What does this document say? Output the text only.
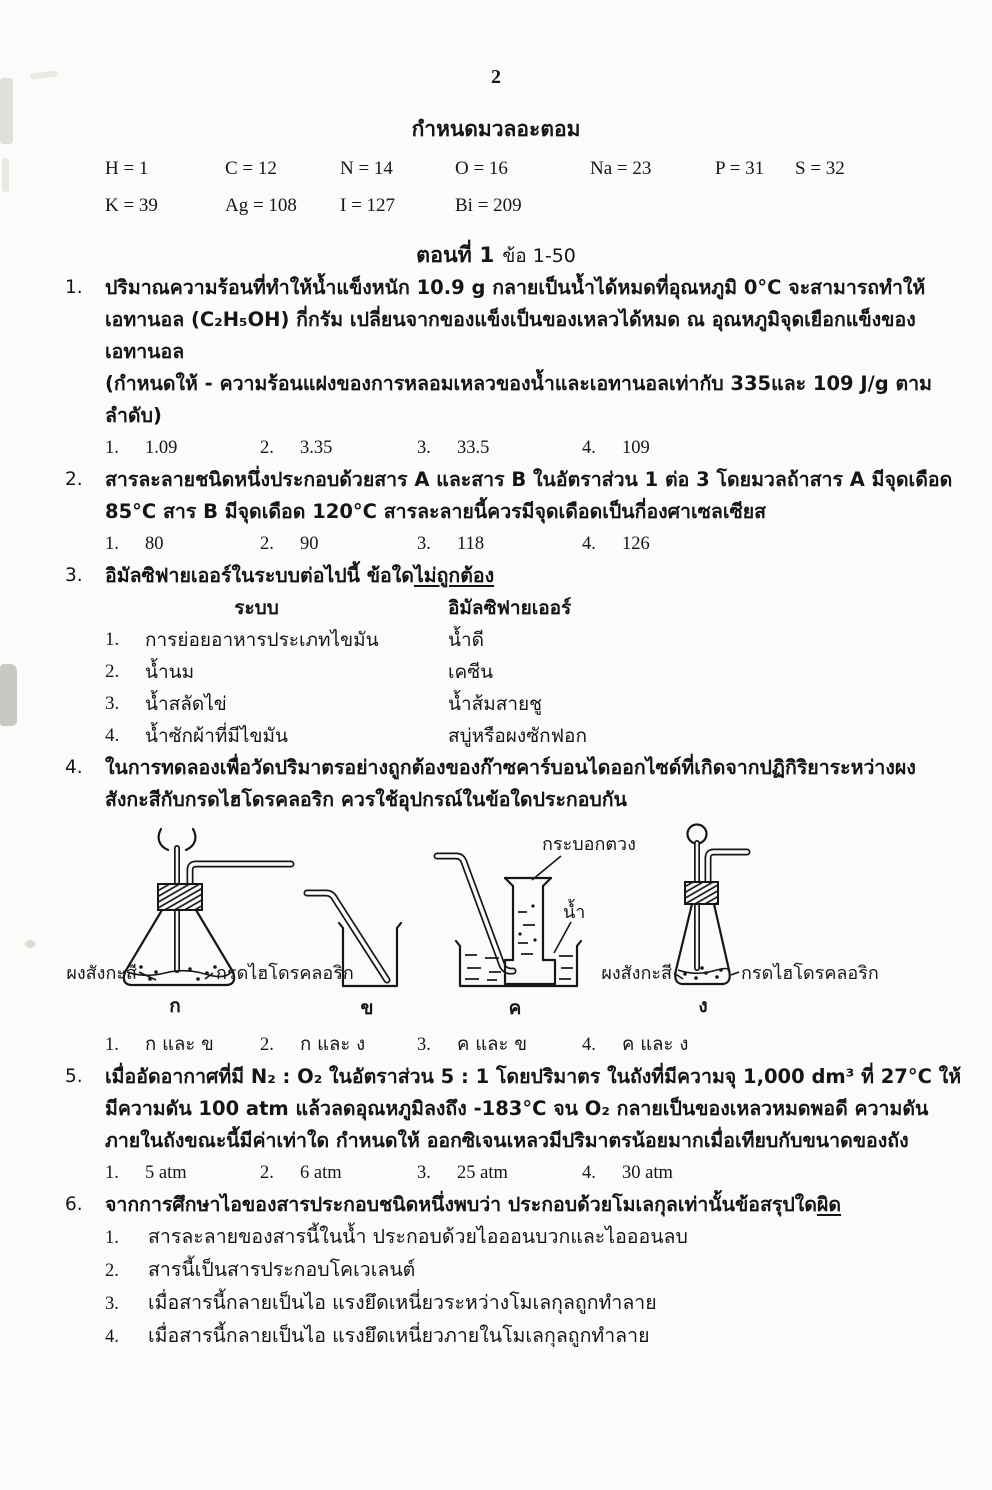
2
กำหนดมวลอะตอม
H = 1	C = 12	N = 14	O = 16	Na = 23	P = 31 S = 32
K = 39	Ag = 108 I = 127	Bi = 209
ตอนที่ 1 ข้อ 1-50
1.	ปริมาณความร้อนที่ทำให้น้ำแข็งหนัก 10.9 g กลายเป็นน้ำได้หมดที่อุณหภูมิ 0°C จะสามารถทำให้
เอทานอล (C₂H₅OH) กี่กรัม เปลี่ยนจากของแข็งเป็นของเหลวได้หมด ณ อุณหภูมิจุดเยือกแข็งของ
เอทานอล
(กำหนดให้ - ความร้อนแฝงของการหลอมเหลวของน้ำและเอทานอลเท่ากับ 335และ 109 J/g ตาม
ลำดับ)
1. 1.09	2. 3.35	3. 33.5	4. 109
2.	สารละลายชนิดหนึ่งประกอบด้วยสาร A และสาร B ในอัตราส่วน 1 ต่อ 3 โดยมวลถ้าสาร A มีจุดเดือด
85°C สาร B มีจุดเดือด 120°C สารละลายนี้ควรมีจุดเดือดเป็นกี่องศาเซลเซียส
1. 80	2. 90	3. 118	4. 126
3.	อิมัลซิฟายเออร์ในระบบต่อไปนี้ ข้อใดไม่ถูกต้อง
ระบบ	อิมัลซิฟายเออร์
1.	การย่อยอาหารประเภทไขมัน	น้ำดี
2.	น้ำนม	เคซีน
3.	น้ำสลัดไข่	น้ำส้มสายชู
4.	น้ำซักผ้าที่มีไขมัน	สบู่หรือผงซักฟอก
4.	ในการทดลองเพื่อวัดปริมาตรอย่างถูกต้องของก๊าซคาร์บอนไดออกไซด์ที่เกิดจากปฏิกิริยาระหว่างผง
สังกะสีกับกรดไฮโดรคลอริก ควรใช้อุปกรณ์ในข้อใดประกอบกัน
ผงสังกะสี	กรดไฮโดรคลอริก
ก	ข
กระบอกตวง
น้ำ
ค
ผงสังกะสี	กรดไฮโดรคลอริก
ง
1. ก และ ข	2. ก และ ง	3. ค และ ข	4. ค และ ง
5.	เมื่ออัดอากาศที่มี N₂ : O₂ ในอัตราส่วน 5 : 1 โดยปริมาตร ในถังที่มีความจุ 1,000 dm³ ที่ 27°C ให้
มีความดัน 100 atm แล้วลดอุณหภูมิลงถึง -183°C จน O₂ กลายเป็นของเหลวหมดพอดี ความดัน
ภายในถังขณะนี้มีค่าเท่าใด กำหนดให้ ออกซิเจนเหลวมีปริมาตรน้อยมากเมื่อเทียบกับขนาดของถัง
1. 5 atm	2. 6 atm	3. 25 atm	4. 30 atm
6.	จากการศึกษาไอของสารประกอบชนิดหนึ่งพบว่า ประกอบด้วยโมเลกุลเท่านั้นข้อสรุปใดผิด
1. สารละลายของสารนี้ในน้ำ ประกอบด้วยไอออนบวกและไอออนลบ
2. สารนี้เป็นสารประกอบโคเวเลนต์
3. เมื่อสารนี้กลายเป็นไอ แรงยึดเหนี่ยวระหว่างโมเลกุลถูกทำลาย
4. เมื่อสารนี้กลายเป็นไอ แรงยึดเหนี่ยวภายในโมเลกุลถูกทำลาย
